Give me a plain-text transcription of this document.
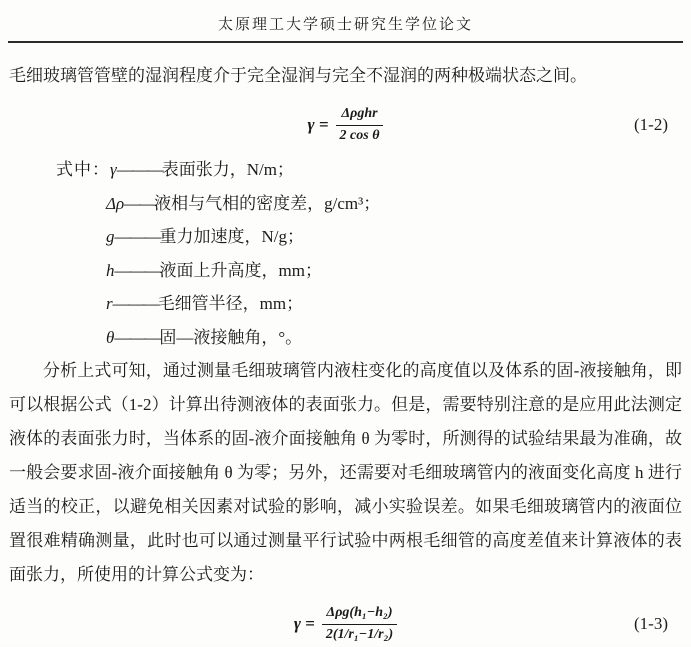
太原理工大学硕士研究生学位论文

毛细玻璃管管壁的湿润程度介于完全湿润与完全不湿润的两种极端状态之间。

$\gamma = \frac{\text{Δρghr}}{\text{2 cos θ}}$	(1-2)
式中：γ———表面张力，N/m；
Δρ——液相与气相的密度差，g/cm³；
g———重力加速度，N/g；
h———液面上升高度，mm；
r———毛细管半径，mm；
θ———固—液接触角，°。

分析上式可知，通过测量毛细玻璃管内液柱变化的高度值以及体系的固-液接触角，即可以根据公式（1-2）计算出待测液体的表面张力。但是，需要特别注意的是应用此法测定液体的表面张力时，当体系的固-液介面接触角 θ 为零时，所测得的试验结果最为准确，故一般会要求固-液介面接触角 θ 为零；另外，还需要对毛细玻璃管内的液面变化高度 h 进行适当的校正，以避免相关因素对试验的影响，减小实验误差。如果毛细玻璃管内的液面位置很难精确测量，此时也可以通过测量平行试验中两根毛细管的高度差值来计算液体的表面张力，所使用的计算公式变为：

$\gamma = \frac{\text{Δρg(h₁−h₂)}}{\text{2(1/r₁−1/r₂)}}$	(1-3)
